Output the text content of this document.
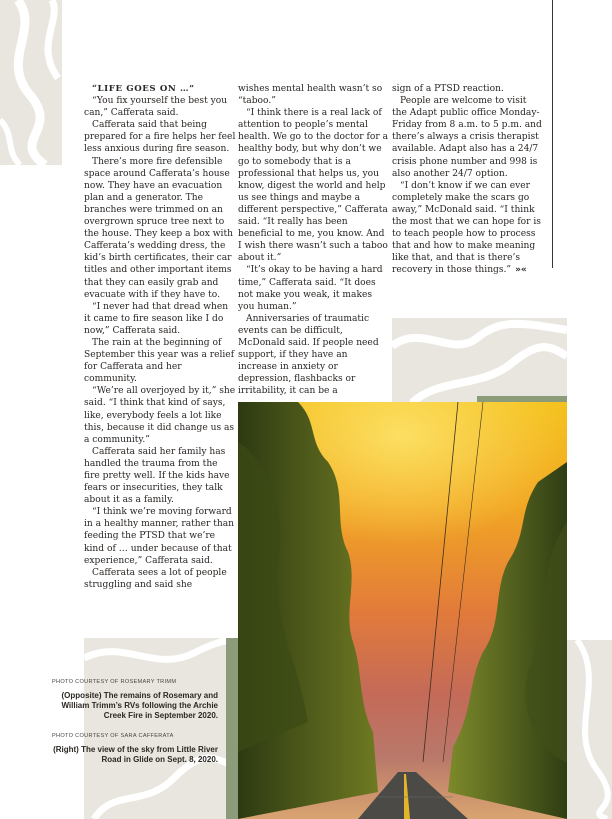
“LIFE GOES ON …”

“You fix yourself the best you can,” Cafferata said.

Cafferata said that being prepared for a fire helps her feel less anxious during fire season.

There’s more fire defensible space around Cafferata’s house now. They have an evacuation plan and a generator. The branches were trimmed on an overgrown spruce tree next to the house. They keep a box with Cafferata’s wedding dress, the kid’s birth certificates, their car titles and other important items that they can easily grab and evacuate with if they have to.

“I never had that dread when it came to fire season like I do now,” Cafferata said.

The rain at the beginning of September this year was a relief for Cafferata and her community.

“We’re all overjoyed by it,” she said. “I think that kind of says, like, everybody feels a lot like this, because it did change us as a community.”

Cafferata said her family has handled the trauma from the fire pretty well. If the kids have fears or insecurities, they talk about it as a family.

“I think we’re moving forward in a healthy manner, rather than feeding the PTSD that we’re kind of … under because of that experience,” Cafferata said.

Cafferata sees a lot of people struggling and said she

wishes mental health wasn’t so “taboo.”

“I think there is a real lack of attention to people’s mental health. We go to the doctor for a healthy body, but why don’t we go to somebody that is a professional that helps us, you know, digest the world and help us see things and maybe a different perspective,” Cafferata said. “It really has been beneficial to me, you know. And I wish there wasn’t such a taboo about it.”

“It’s okay to be having a hard time,” Cafferata said. “It does not make you weak, it makes you human.”

Anniversaries of traumatic events can be difficult, McDonald said. If people need support, if they have an increase in anxiety or depression, flashbacks or irritability, it can be a

sign of a PTSD reaction.

People are welcome to visit the Adapt public office Monday-Friday from 8 a.m. to 5 p.m. and there’s always a crisis therapist available. Adapt also has a 24/7 crisis phone number and 998 is also another 24/7 option.

“I don’t know if we can ever completely make the scars go away,” McDonald said. “I think the most that we can hope for is to teach people how to process that and how to make meaning like that, and that is there’s recovery in those things.” »«

PHOTO COURTESY OF ROSEMARY TRIMM
(Opposite) The remains of Rosemary and William Trimm’s RVs following the Archie Creek Fire in September 2020.
PHOTO COURTESY OF SARA CAFFERATA
(Right) The view of the sky from Little River Road in Glide on Sept. 8, 2020.
